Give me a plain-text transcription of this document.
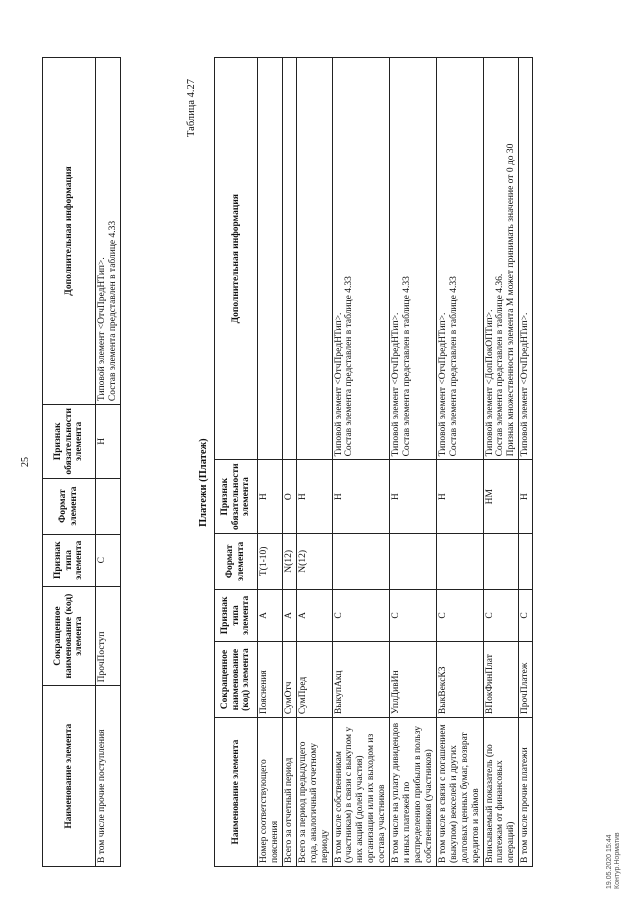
25
Наименование элемента	Сокращенное наименование (код) элемента	Признак типа элемента	Формат элемента	Признак обязательности элемента	Дополнительная информация
В том числе прочие поступления	ПрочПоступ	С		Н	Типовой элемент <ОтчПредНТип>.
Состав элемента представлен в таблице 4.33
Таблица 4.27
Платежи (Платеж)
Наименование элемента	Сокращенное наименование (код) элемента	Признак типа элемента	Формат элемента	Признак обязательности элемента	Дополнительная информация
Номер соответствующего пояснения	Пояснения	А	T(1-10)	Н	
Всего за отчетный период	СумОтч	А	N(12)	О	
Всего за период предыдущего года, аналогичный отчетному периоду	СумПред	А	N(12)	Н	
В том числе собственникам (участникам) в связи с выкупом у них акций (долей участия) организации или их выходом из состава участников	ВыкупАкц	С		Н	Типовой элемент <ОтчПредНТип>.
Состав элемента представлен в таблице 4.33
В том числе на уплату дивидендов и иных платежей по распределению прибыли в пользу собственников (участников)	УплДивИн	С		Н	Типовой элемент <ОтчПредНТип>.
Состав элемента представлен в таблице 4.33
В том числе в связи с погашением (выкупом) векселей и других долговых ценных бумаг, возврат кредитов и займов	ВыкВексКЗ	С		Н	Типовой элемент <ОтчПредНТип>.
Состав элемента представлен в таблице 4.33
Вписываемый показатель (по платежам от финансовых операций)	ВПокФинПлат	С		НМ	Типовой элемент <ДопПокОПТип>.
Состав элемента представлен в таблице 4.36.
Признак множественности элемента М может принимать значение от 0 до 30
В том числе прочие платежи	ПрочПлатеж	С		Н	Типовой элемент <ОтчПредНТип>.
19.05.2020 15:44 Контур.Норматив
